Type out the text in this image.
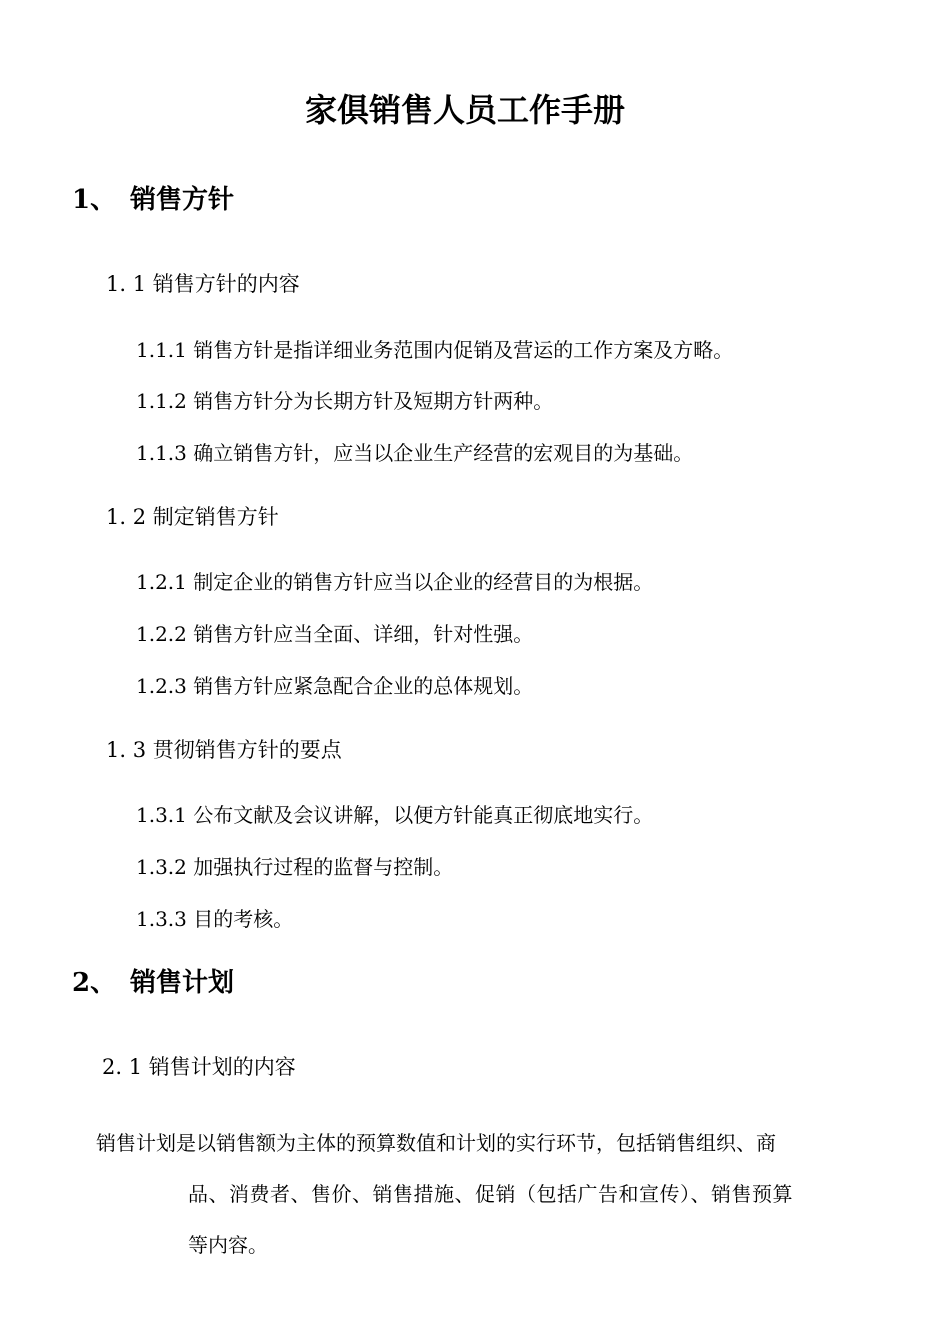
家俱销售人员工作手册
1、 销售方针

1. 1 销售方针的内容

1.1.1 销售方针是指详细业务范围内促销及营运的工作方案及方略。

1.1.2 销售方针分为长期方针及短期方针两种。

1.1.3 确立销售方针，应当以企业生产经营的宏观目的为基础。

1. 2 制定销售方针

1.2.1 制定企业的销售方针应当以企业的经营目的为根据。

1.2.2 销售方针应当全面、详细，针对性强。

1.2.3 销售方针应紧急配合企业的总体规划。

1. 3 贯彻销售方针的要点

1.3.1 公布文献及会议讲解，以便方针能真正彻底地实行。

1.3.2 加强执行过程的监督与控制。

1.3.3 目的考核。

2、 销售计划

2. 1 销售计划的内容

销售计划是以销售额为主体的预算数值和计划的实行环节，包括销售组织、商
品、消费者、售价、销售措施、促销（包括广告和宣传）、销售预算
等内容。
